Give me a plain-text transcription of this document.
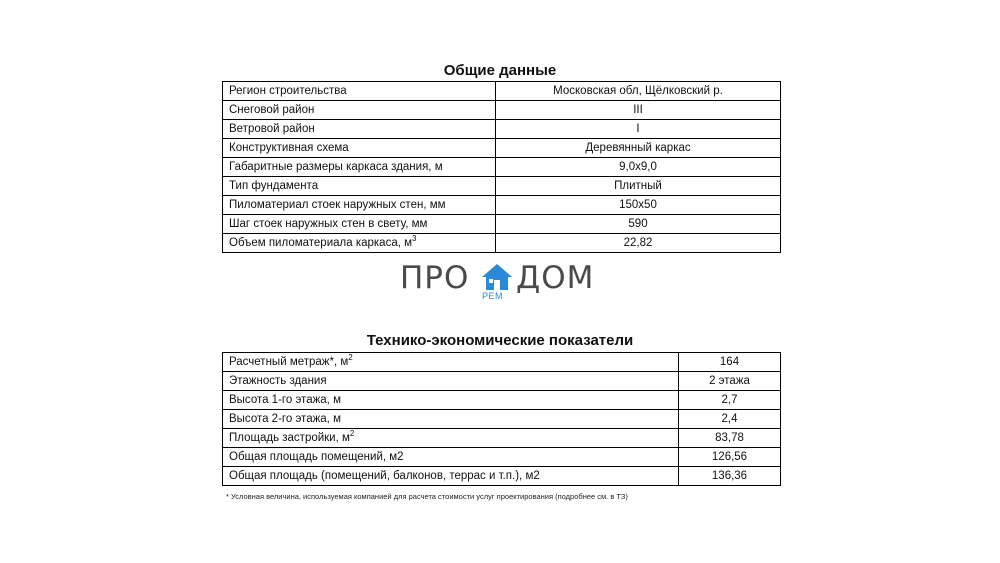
Общие данные
Регион строительства	Московская обл, Щёлковский р.
Снеговой район	III
Ветровой район	I
Конструктивная схема	Деревянный каркас
Габаритные размеры каркаса здания, м	9,0x9,0
Тип фундамента	Плитный
Пиломатериал стоек наружных стен, мм	150x50
Шаг стоек наружных стен в свету, мм	590
Объем пиломатериала каркаса, $м^3$	22,82
ПРО РЕМ ДОМ
Технико-экономические показатели
Расчетный метраж*, $м^2$	164
Этажность здания	2 этажа
Высота 1-го этажа, м	2,7
Высота 2-го этажа, м	2,4
Площадь застройки, $м^2$	83,78
Общая площадь помещений, м2	126,56
Общая площадь (помещений, балконов, террас и т.п.), м2	136,36
* Условная величина, используемая компанией для расчета стоимости услуг проектирования (подробнее см. в ТЗ)
